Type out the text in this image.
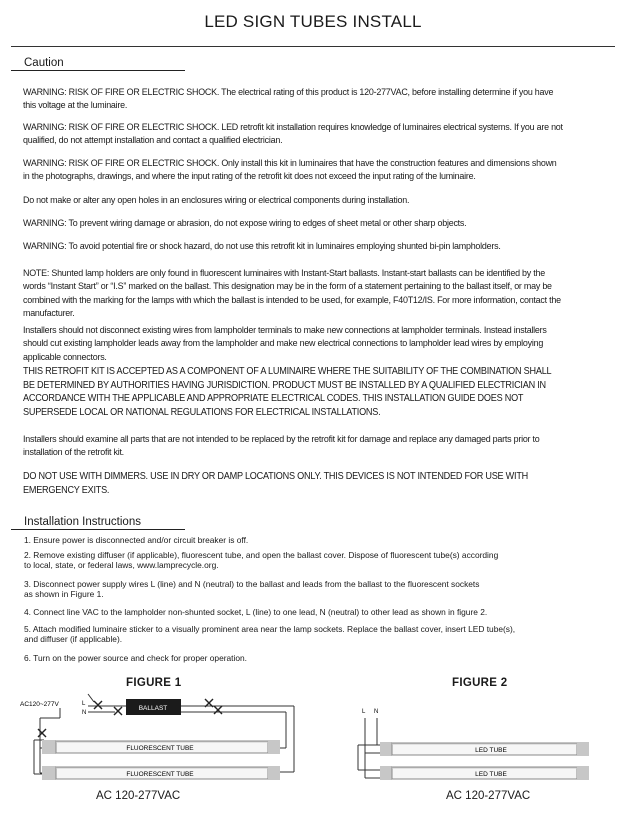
LED SIGN TUBES INSTALL
Caution
WARNING: RISK OF FIRE OR ELECTRIC SHOCK. The electrical rating of this product is 120-277VAC, before installing determine if you have this voltage at the luminaire.
WARNING: RISK OF FIRE OR ELECTRIC SHOCK. LED retrofit kit installation requires knowledge of luminaires electrical systems. If you are not qualified, do not attempt installation and contact a qualified electrician.
WARNING: RISK OF FIRE OR ELECTRIC SHOCK. Only install this kit in luminaires that have the construction features and dimensions shown in the photographs, drawings, and where the input rating of the retrofit kit does not exceed the input rating of the luminaire.
Do not make or alter any open holes in an enclosures wiring or electrical components during installation.
WARNING: To prevent wiring damage or abrasion, do not expose wiring to edges of sheet metal or other sharp objects.
WARNING: To avoid potential fire or shock hazard, do not use this retrofit kit in luminaires employing shunted bi-pin lampholders.
NOTE: Shunted lamp holders are only found in fluorescent luminaires with Instant-Start ballasts. Instant-start ballasts can be identified by the words “Instant Start” or “I.S” marked on the ballast. This designation may be in the form of a statement pertaining to the ballast itself, or may be combined with the marking for the lamps with which the ballast is intended to be used, for example, F40T12/IS. For more information, contact the manufacturer.
Installers should not disconnect existing wires from lampholder terminals to make new connections at lampholder terminals. Instead installers should cut existing lampholder leads away from the lampholder and make new electrical connections to lampholder lead wires by employing applicable connectors.
THIS RETROFIT KIT IS ACCEPTED AS A COMPONENT OF A LUMINAIRE WHERE THE SUITABILITY OF THE COMBINATION SHALL BE DETERMINED BY AUTHORITIES HAVING JURISDICTION. PRODUCT MUST BE INSTALLED BY A QUALIFIED ELECTRICIAN IN ACCORDANCE WITH THE APPLICABLE AND APPROPRIATE ELECTRICAL CODES. THIS INSTALLATION GUIDE DOES NOT SUPERSEDE LOCAL OR NATIONAL REGULATIONS FOR ELECTRICAL INSTALLATIONS.
Installers should examine all parts that are not intended to be replaced by the retrofit kit for damage and replace any damaged parts prior to installation of the retrofit kit.
DO NOT USE WITH DIMMERS. USE IN DRY OR DAMP LOCATIONS ONLY. THIS DEVICES IS NOT INTENDED FOR USE WITH EMERGENCY EXITS.
Installation Instructions
1. Ensure power is disconnected and/or circuit breaker is off.
2. Remove existing diffuser (if applicable), fluorescent tube, and open the ballast cover. Dispose of fluorescent tube(s) according
to local, state, or federal laws, www.lamprecycle.org.
3. Disconnect power supply wires L (line) and N (neutral) to the ballast and leads from the ballast to the fluorescent sockets
as shown in Figure 1.
4. Connect line VAC to the lampholder non-shunted socket, L (line) to one lead, N (neutral) to other lead as shown in figure 2.
5. Attach modified luminaire sticker to a visually prominent area near the lamp sockets. Replace the ballast cover, insert LED tube(s),
and diffuser (if applicable).
6. Turn on the power source and check for proper operation.
FIGURE 1
AC120~277V	L
N
BALLAST
FLUORESCENT TUBE
FLUORESCENT TUBE
AC 120-277VAC
FIGURE 2
L N
LED TUBE
LED TUBE
AC 120-277VAC
